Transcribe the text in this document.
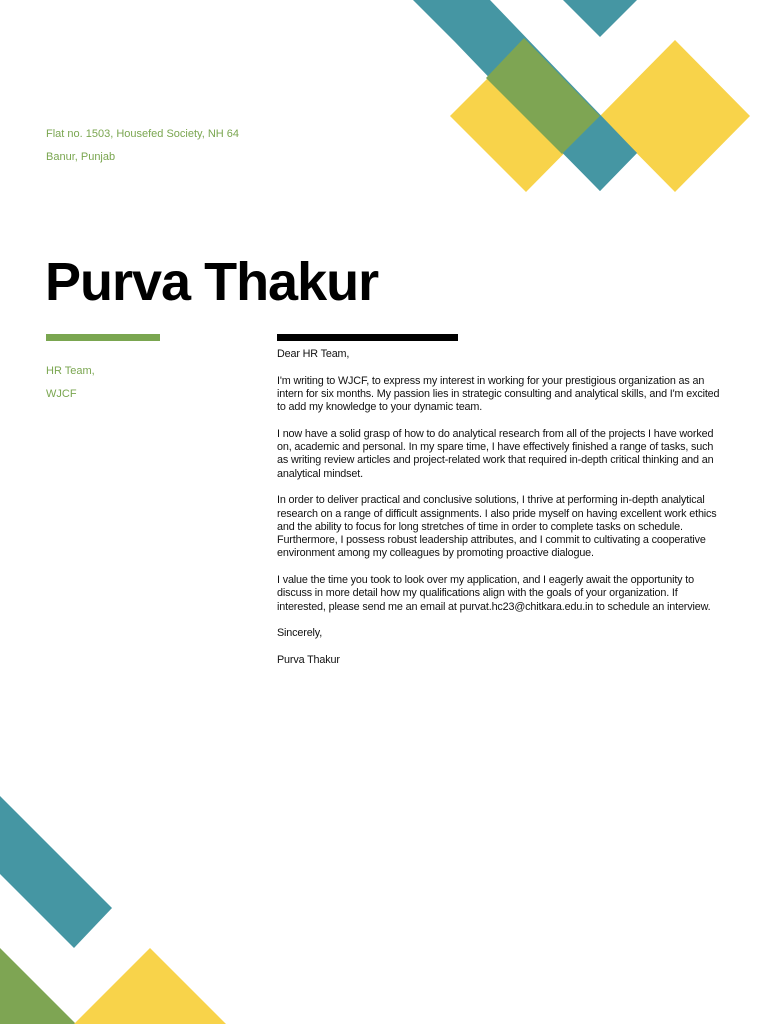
Flat no. 1503, Housefed Society, NH 64
Banur, Punjab
Purva Thakur
HR Team,
WJCF

Dear HR Team,

I'm writing to WJCF, to express my interest in working for your prestigious organization as an intern for six months. My passion lies in strategic consulting and analytical skills, and I'm excited to add my knowledge to your dynamic team.

I now have a solid grasp of how to do analytical research from all of the projects I have worked on, academic and personal. In my spare time, I have effectively finished a range of tasks, such as writing review articles and project-related work that required in-depth critical thinking and an analytical mindset.

In order to deliver practical and conclusive solutions, I thrive at performing in-depth analytical research on a range of difficult assignments. I also pride myself on having excellent work ethics and the ability to focus for long stretches of time in order to complete tasks on schedule. Furthermore, I possess robust leadership attributes, and I commit to cultivating a cooperative environment among my colleagues by promoting proactive dialogue.

I value the time you took to look over my application, and I eagerly await the opportunity to discuss in more detail how my qualifications align with the goals of your organization. If interested, please send me an email at purvat.hc23@chitkara.edu.in to schedule an interview.

Sincerely,

Purva Thakur
